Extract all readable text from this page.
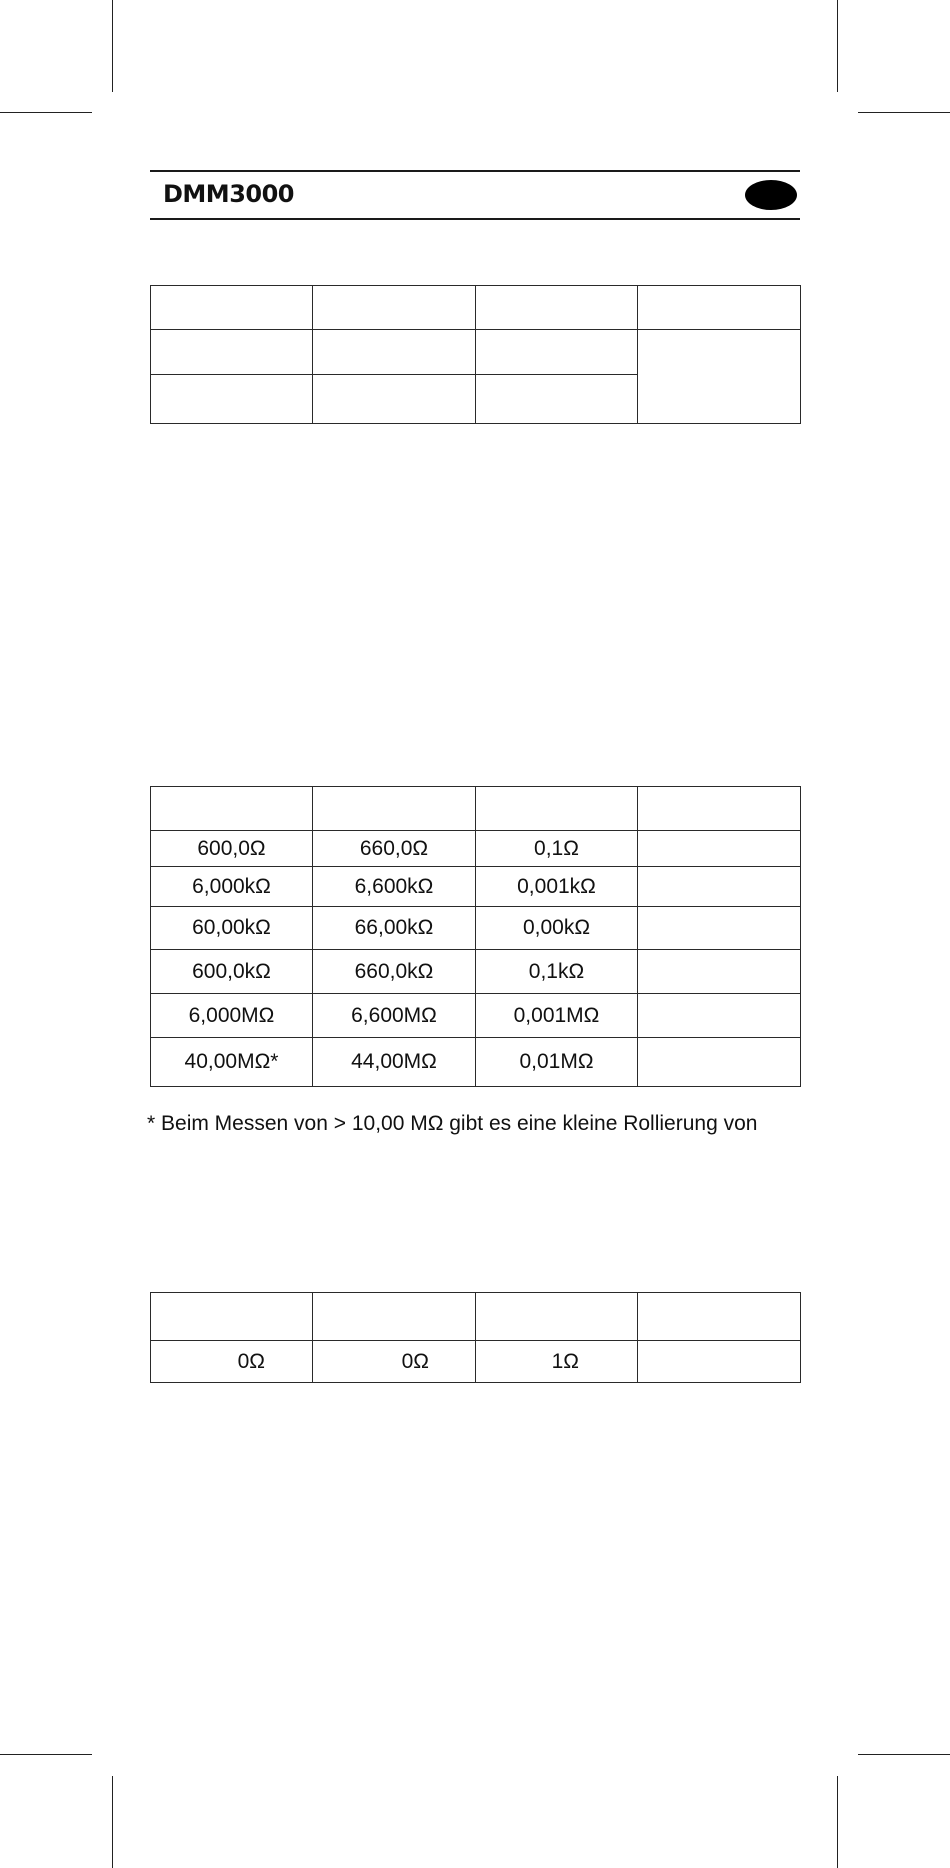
DMM3000

600,0Ω	660,0Ω	0,1Ω	
6,000kΩ	6,600kΩ	0,001kΩ	
60,00kΩ	66,00kΩ	0,00kΩ	
600,0kΩ	660,0kΩ	0,1kΩ	
6,000MΩ	6,600MΩ	0,001MΩ	
40,00MΩ*	44,00MΩ	0,01MΩ	
* Beim Messen von > 10,00 MΩ gibt es eine kleine Rollierung von

0Ω	0Ω	1Ω	
